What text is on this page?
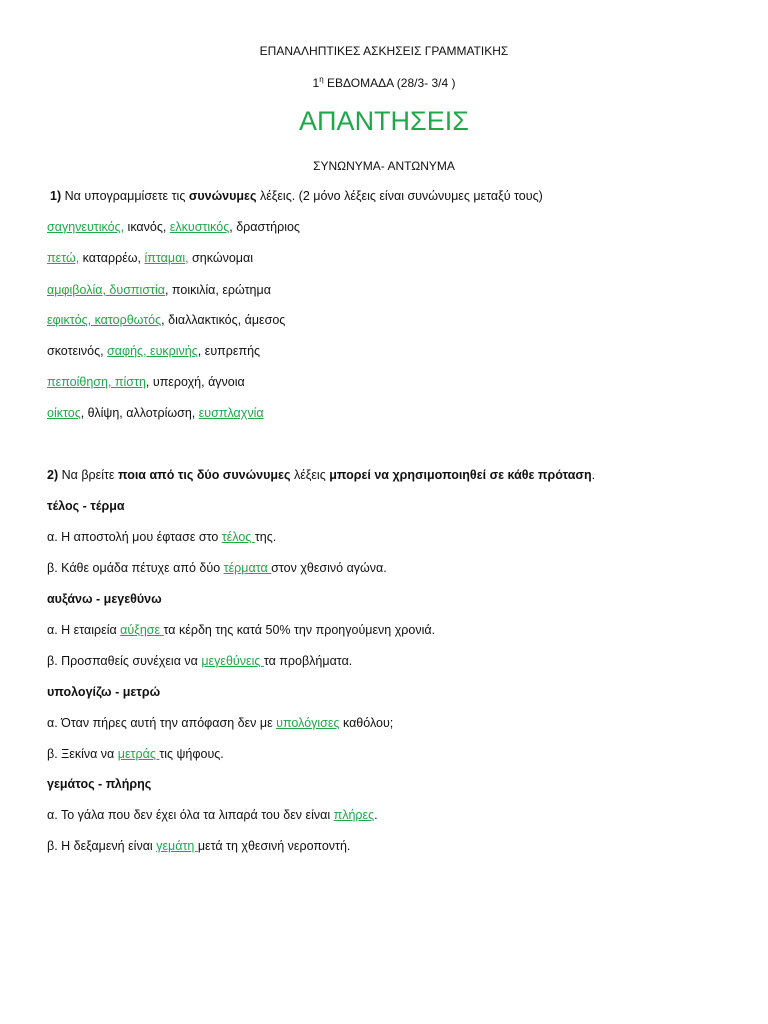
ΕΠΑΝΑΛΗΠΤΙΚΕΣ ΑΣΚΗΣΕΙΣ ΓΡΑΜΜΑΤΙΚΗΣ
$1^\eta$ ΕΒΔΟΜΑΔΑ (28/3- 3/4 )
ΑΠΑΝΤΗΣΕΙΣ
ΣΥΝΩΝΥΜΑ- ΑΝΤΩΝΥΜΑ
1) Να υπογραμμίσετε τις συνώνυμες λέξεις. (2 μόνο λέξεις είναι συνώνυμες μεταξύ τους)
σαγηνευτικός, ικανός, ελκυστικός, δραστήριος
πετώ, καταρρέω, ίπταμαι, σηκώνομαι
αμφιβολία, δυσπιστία, ποικιλία, ερώτημα
εφικτός, κατορθωτός, διαλλακτικός, άμεσος
σκοτεινός, σαφής, ευκρινής, ευπρεπής
πεποίθηση, πίστη, υπεροχή, άγνοια
οίκτος, θλίψη, αλλοτρίωση, ευσπλαχνία
2) Να βρείτε ποια από τις δύο συνώνυμες λέξεις μπορεί να χρησιμοποιηθεί σε κάθε πρόταση.
τέλος - τέρμα
α. Η αποστολή μου έφτασε στο τέλος της.
β. Κάθε ομάδα πέτυχε από δύο τέρματα στον χθεσινό αγώνα.
αυξάνω - μεγεθύνω
α. Η εταιρεία αύξησε τα κέρδη της κατά 50% την προηγούμενη χρονιά.
β. Προσπαθείς συνέχεια να μεγεθύνεις τα προβλήματα.
υπολογίζω - μετρώ
α. Όταν πήρες αυτή την απόφαση δεν με υπολόγισες καθόλου;
β. Ξεκίνα να μετράς τις ψήφους.
γεμάτος - πλήρης
α. Το γάλα που δεν έχει όλα τα λιπαρά του δεν είναι πλήρες.
β. Η δεξαμενή είναι γεμάτη μετά τη χθεσινή νεροποντή.
